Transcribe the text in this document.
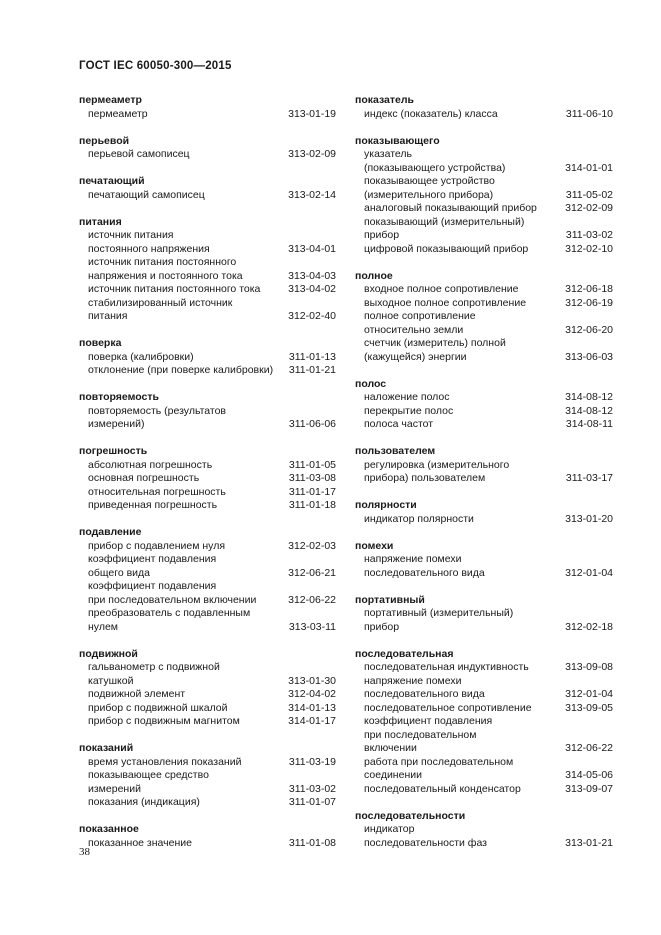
ГОСТ IEC 60050-300—2015
пермеаметр
пермеаметр	313-01-19
перьевой
перьевой самописец	313-02-09
печатающий
печатающий самописец	313-02-14
питания
источник питания
постоянного напряжения	313-04-01
источник питания постоянного
напряжения и постоянного тока	313-04-03
источник питания постоянного тока	313-04-02
стабилизированный источник
питания	312-02-40
поверка
поверка (калибровки)	311-01-13
отклонение (при поверке калибровки)	311-01-21
повторяемость
повторяемость (результатов
измерений)	311-06-06
погрешность
абсолютная погрешность	311-01-05
основная погрешность	311-03-08
относительная погрешность	311-01-17
приведенная погрешность	311-01-18
подавление
прибор с подавлением нуля	312-02-03
коэффициент подавления
общего вида	312-06-21
коэффициент подавления
при последовательном включении	312-06-22
преобразователь с подавленным
нулем	313-03-11
подвижной
гальванометр с подвижной
катушкой	313-01-30
подвижной элемент	312-04-02
прибор с подвижной шкалой	314-01-13
прибор с подвижным магнитом	314-01-17
показаний
время установления показаний	311-03-19
показывающее средство
измерений	311-03-02
показания (индикация)	311-01-07
показанное
показанное значение	311-01-08
показатель
индекс (показатель) класса	311-06-10
показывающего
указатель
(показывающего устройства)	314-01-01
показывающее устройство
(измерительного прибора)	311-05-02
аналоговый показывающий прибор	312-02-09
показывающий (измерительный)
прибор	311-03-02
цифровой показывающий прибор	312-02-10
полное
входное полное сопротивление	312-06-18
выходное полное сопротивление	312-06-19
полное сопротивление
относительно земли	312-06-20
счетчик (измеритель) полной
(кажущейся) энергии	313-06-03
полос
наложение полос	314-08-12
перекрытие полос	314-08-12
полоса частот	314-08-11
пользователем
регулировка (измерительного
прибора) пользователем	311-03-17
полярности
индикатор полярности	313-01-20
помехи
напряжение помехи
последовательного вида	312-01-04
портативный
портативный (измерительный)
прибор	312-02-18
последовательная
последовательная индуктивность	313-09-08
напряжение помехи
последовательного вида	312-01-04
последовательное сопротивление	313-09-05
коэффициент подавления
при последовательном
включении	312-06-22
работа при последовательном
соединении	314-05-06
последовательный конденсатор	313-09-07
последовательности
индикатор
последовательности фаз	313-01-21
38
